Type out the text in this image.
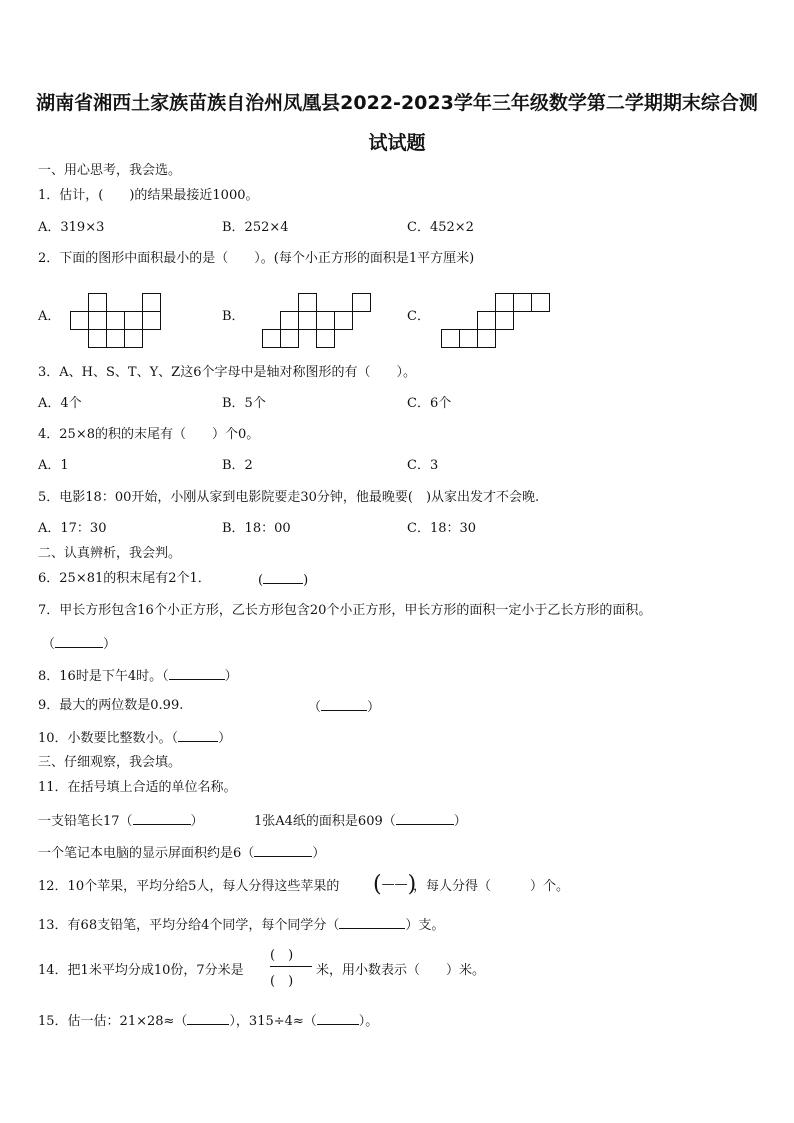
湖南省湘西土家族苗族自治州凤凰县2022-2023学年三年级数学第二学期期末综合测
试试题
一、用心思考，我会选。
1．估计，(　　)的结果最接近1000。
A．319×3	B．252×4	C．452×2
2．下面的图形中面积最小的是（　　）。(每个小正方形的面积是1平方厘米)
A．	B．	C．
3．A、H、S、T、Y、Z这6个字母中是轴对称图形的有（　　）。
A．4个	B．5个	C．6个
4．25×8的积的末尾有（　　）个0。
A．1	B．2	C．3
5．电影18：00开始，小刚从家到电影院要走30分钟，他最晚要(　)从家出发才不会晚.
A．17：30	B．18：00	C．18：30
二、认真辨析，我会判。
6．25×81的积末尾有2个1．	(	)
7．甲长方形包含16个小正方形，乙长方形包含20个小正方形，甲长方形的面积一定小于乙长方形的面积。
（	）
8．16时是下午4时。（	）
9．最大的两位数是0.99.	（	）
10．小数要比整数小。（	）
三、仔细观察，我会填。
11．在括号填上合适的单位名称。
一支铅笔长17（	）	1张A4纸的面积是609（	）
一个笔记本电脑的显示屏面积约是6（	）
12．10个苹果，平均分给5人，每人分得这些苹果的 (——)
，每人分得（　　　）个。
13．有68支铅笔，平均分给4个同学，每个同学分（	）支。
14．把1米平均分成10份，7分米是
(　)
(　)
米，用小数表示（　　）米。
15．估一估：21×28≈（	），315÷4≈（	）。
